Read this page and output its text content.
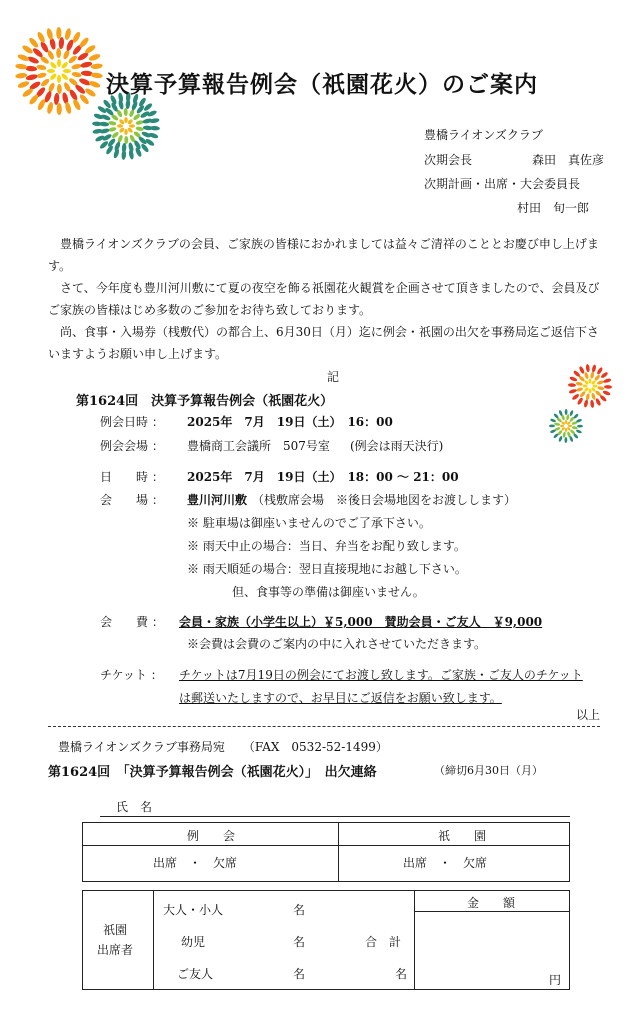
決算予算報告例会（祇園花火）のご案内
豊橋ライオンズクラブ
次期会長　　　　　森田　真佐彦
次期計画・出席・大会委員長
村田　旬一郎
豊橋ライオンズクラブの会員、ご家族の皆様におかれましては益々ご清祥のこととお慶び申し上げます。
さて、今年度も豊川河川敷にて夏の夜空を飾る祇園花火観賞を企画させて頂きましたので、会員及びご家族の皆様はじめ多数のご参加をお待ち致しております。
尚、食事・入場券（桟敷代）の都合上、6月30日（月）迄に例会・祇園の出欠を事務局迄ご返信下さいますようお願い申し上げます。
記
第1624回　決算予算報告例会（祇園花火）
例会日時 ： 2025年　7月　19日（土）　16：00
例会会場 ： 豊橋商工会議所　507号室 (例会は雨天決行)
日　　時 ： 2025年　7月　19日（土）　18：00 〜 21：00
会　　場 ： 豊川河川敷 （桟敷席会場　※後日会場地図をお渡しします）
※ 駐車場は御座いませんのでご了承下さい。
※ 雨天中止の場合：当日、弁当をお配り致します。
※ 雨天順延の場合：翌日直接現地にお越し下さい。
但、食事等の準備は御座いません。
会　　費 ： 会員・家族（小学生以上）￥5,000　賛助会員・ご友人　￥9,000
※会費は会費のご案内の中に入れさせていただきます。
チケット ： チケットは7月19日の例会にてお渡し致します。ご家族・ご友人のチケット
は郵送いたしますので、お早目にご返信をお願い致します。
以上
豊橋ライオンズクラブ事務局宛　　（FAX　0532-52-1499）
第1624回　「決算予算報告例会（祇園花火）」　出欠連絡	（締切6月30日（月）
氏　名
例　　会	祇　　園
出席　・　欠席	出席　・　欠席
祇園
出席者
大人・小人	名
幼児	名	合　計
ご友人	名	名
金　　額
円
